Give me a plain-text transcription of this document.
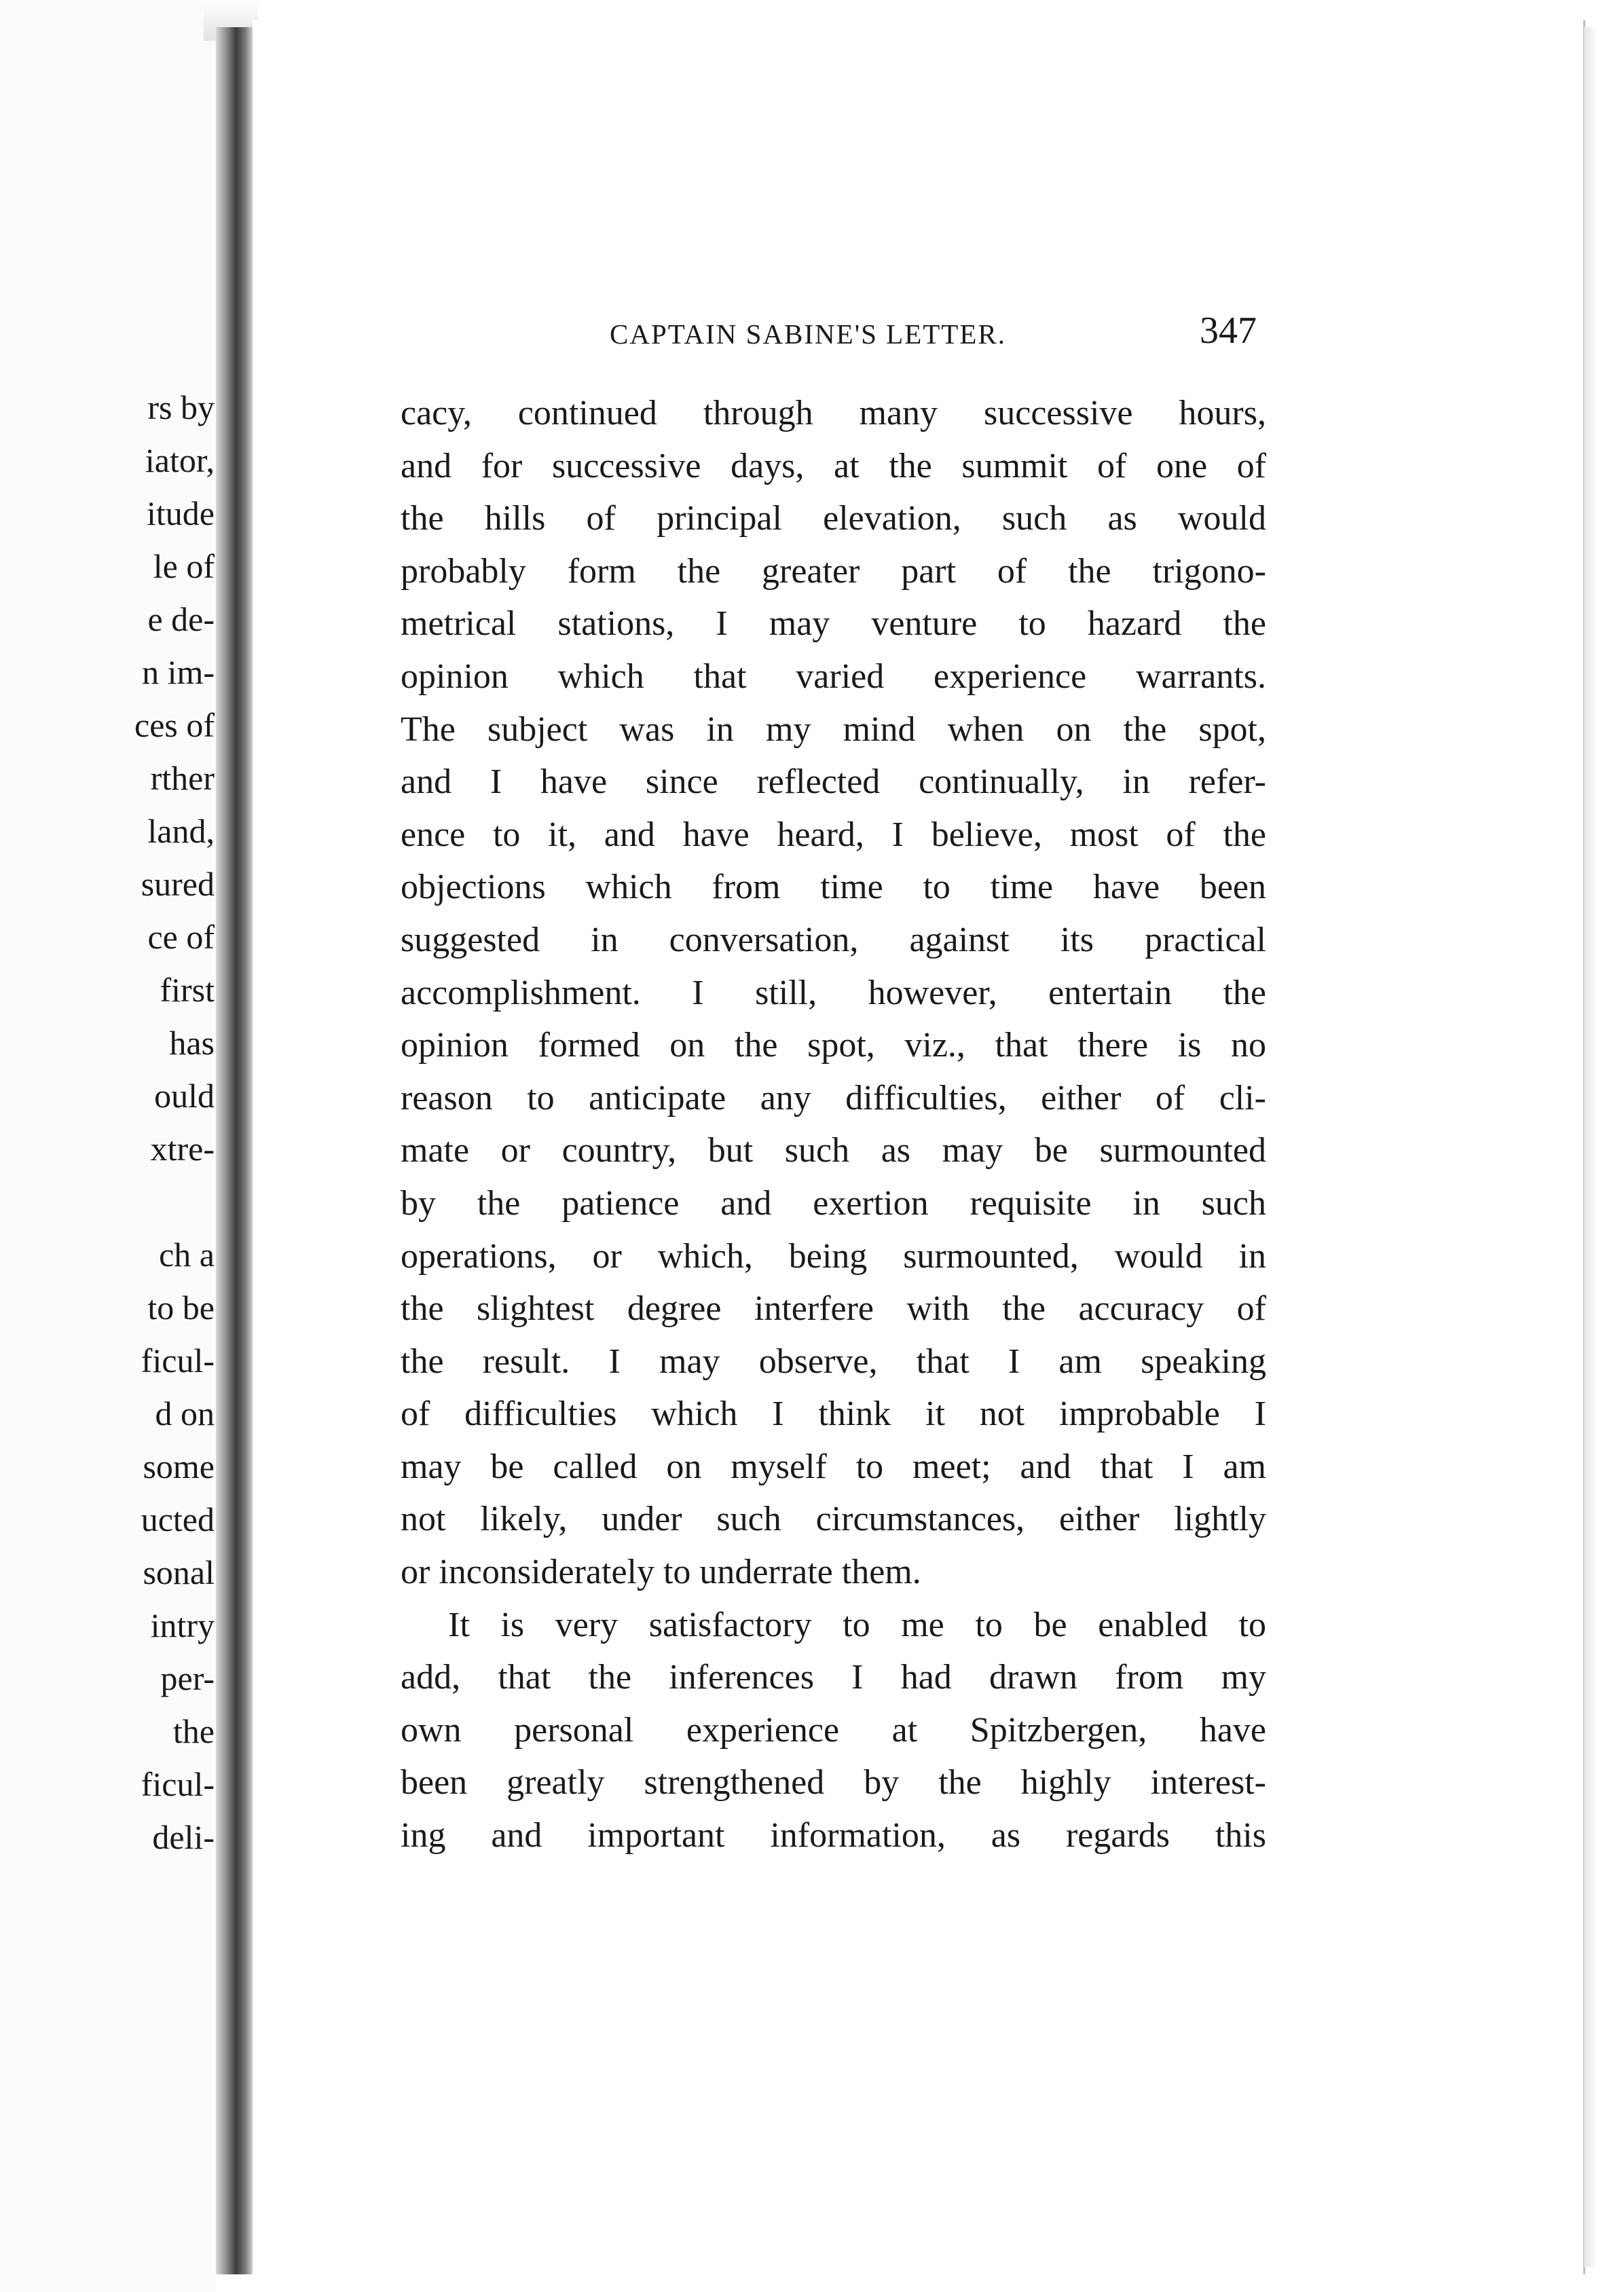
rs by
iator,
itude
le of
e de-
n im-
ces of
rther
land,
sured
ce of
first
has
ould
xtre-
ch a
to be
ficul-
d on
some
ucted
sonal
intry
per-
the
ficul-
deli-
CAPTAIN SABINE'S LETTER.	347
cacy, continued through many successive hours,
and for successive days, at the summit of one of
the hills of principal elevation, such as would
probably form the greater part of the trigono-
metrical stations, I may venture to hazard the
opinion which that varied experience warrants.
The subject was in my mind when on the spot,
and I have since reflected continually, in refer-
ence to it, and have heard, I believe, most of the
objections which from time to time have been
suggested in conversation, against its practical
accomplishment. I still, however, entertain the
opinion formed on the spot, viz., that there is no
reason to anticipate any difficulties, either of cli-
mate or country, but such as may be surmounted
by the patience and exertion requisite in such
operations, or which, being surmounted, would in
the slightest degree interfere with the accuracy of
the result. I may observe, that I am speaking
of difficulties which I think it not improbable I
may be called on myself to meet; and that I am
not likely, under such circumstances, either lightly
or inconsiderately to underrate them.
It is very satisfactory to me to be enabled to
add, that the inferences I had drawn from my
own personal experience at Spitzbergen, have
been greatly strengthened by the highly interest-
ing and important information, as regards this
